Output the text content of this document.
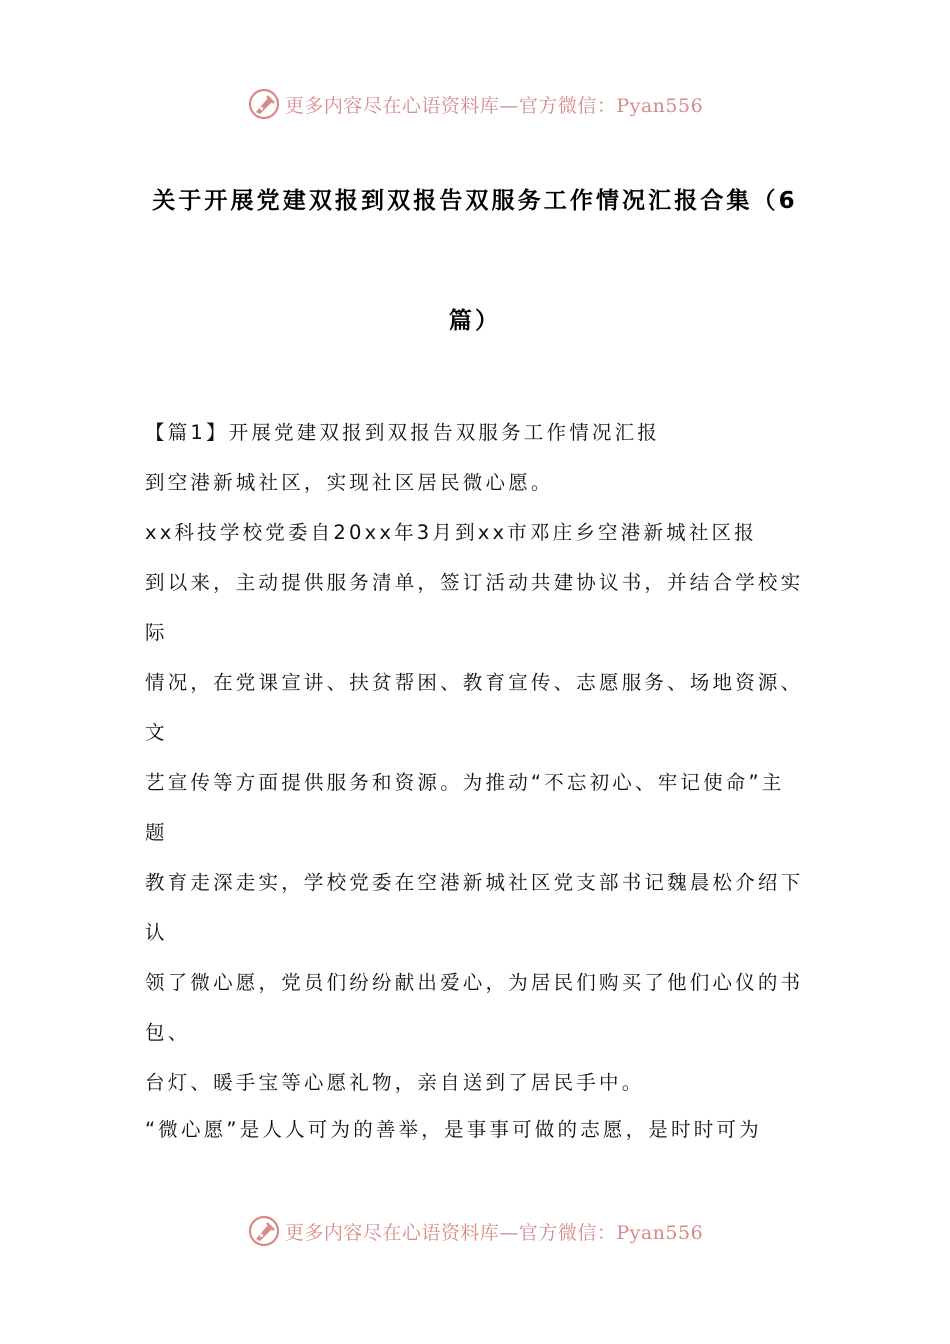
更多内容尽在心语资料库—官方微信：Pyan556
关于开展党建双报到双报告双服务工作情况汇报合集（6
篇）
【篇1】开展党建双报到双报告双服务工作情况汇报
到空港新城社区，实现社区居民微心愿。
xx科技学校党委自20xx年3月到xx市邓庄乡空港新城社区报
到以来，主动提供服务清单，签订活动共建协议书，并结合学校实
际
情况，在党课宣讲、扶贫帮困、教育宣传、志愿服务、场地资源、
文
艺宣传等方面提供服务和资源。为推动“不忘初心、牢记使命”主
题
教育走深走实，学校党委在空港新城社区党支部书记魏晨松介绍下
认
领了微心愿，党员们纷纷献出爱心，为居民们购买了他们心仪的书
包、
台灯、暖手宝等心愿礼物，亲自送到了居民手中。
“微心愿”是人人可为的善举，是事事可做的志愿，是时时可为
更多内容尽在心语资料库—官方微信：Pyan556
